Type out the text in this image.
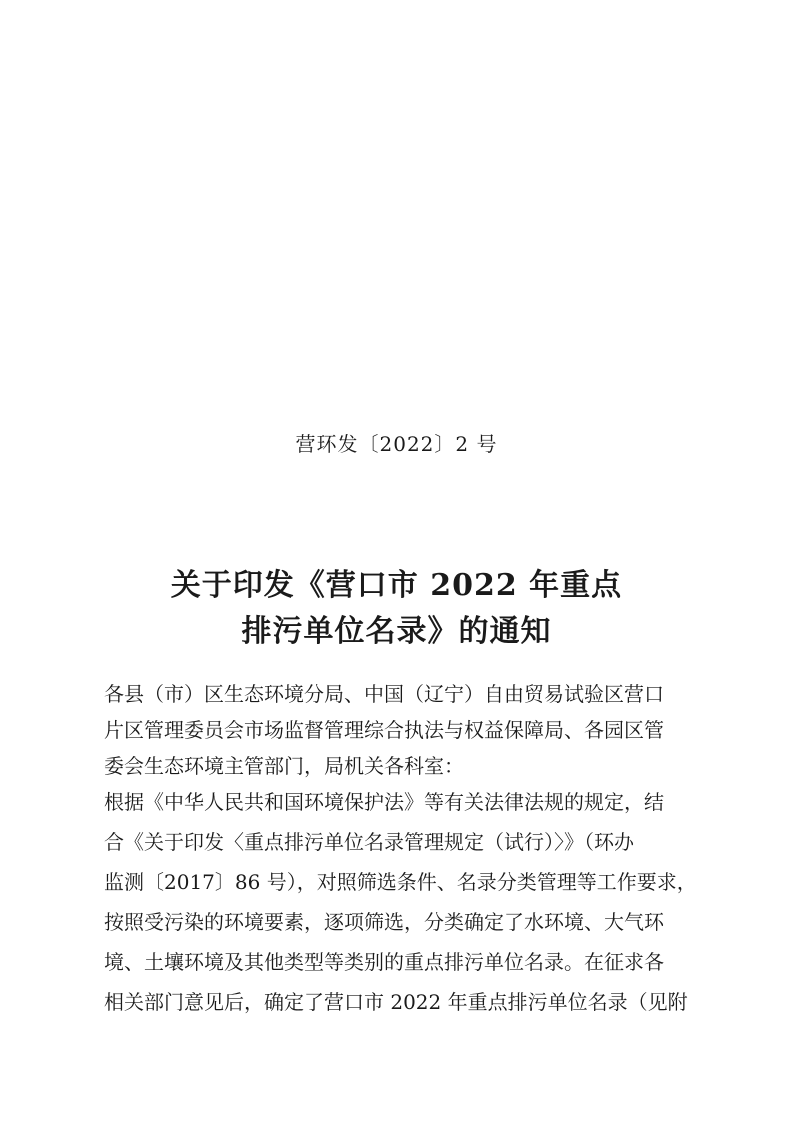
营环发〔2022〕2 号
关于印发《营口市 2022 年重点
排污单位名录》的通知
各县（市）区生态环境分局、中国（辽宁）自由贸易试验区营口
片区管理委员会市场监督管理综合执法与权益保障局、各园区管
委会生态环境主管部门，局机关各科室：
根据《中华人民共和国环境保护法》等有关法律法规的规定，结
合《关于印发〈重点排污单位名录管理规定（试行）〉》（环办
监测〔2017〕86 号），对照筛选条件、名录分类管理等工作要求，
按照受污染的环境要素，逐项筛选，分类确定了水环境、大气环
境、土壤环境及其他类型等类别的重点排污单位名录。在征求各
相关部门意见后，确定了营口市 2022 年重点排污单位名录（见附
